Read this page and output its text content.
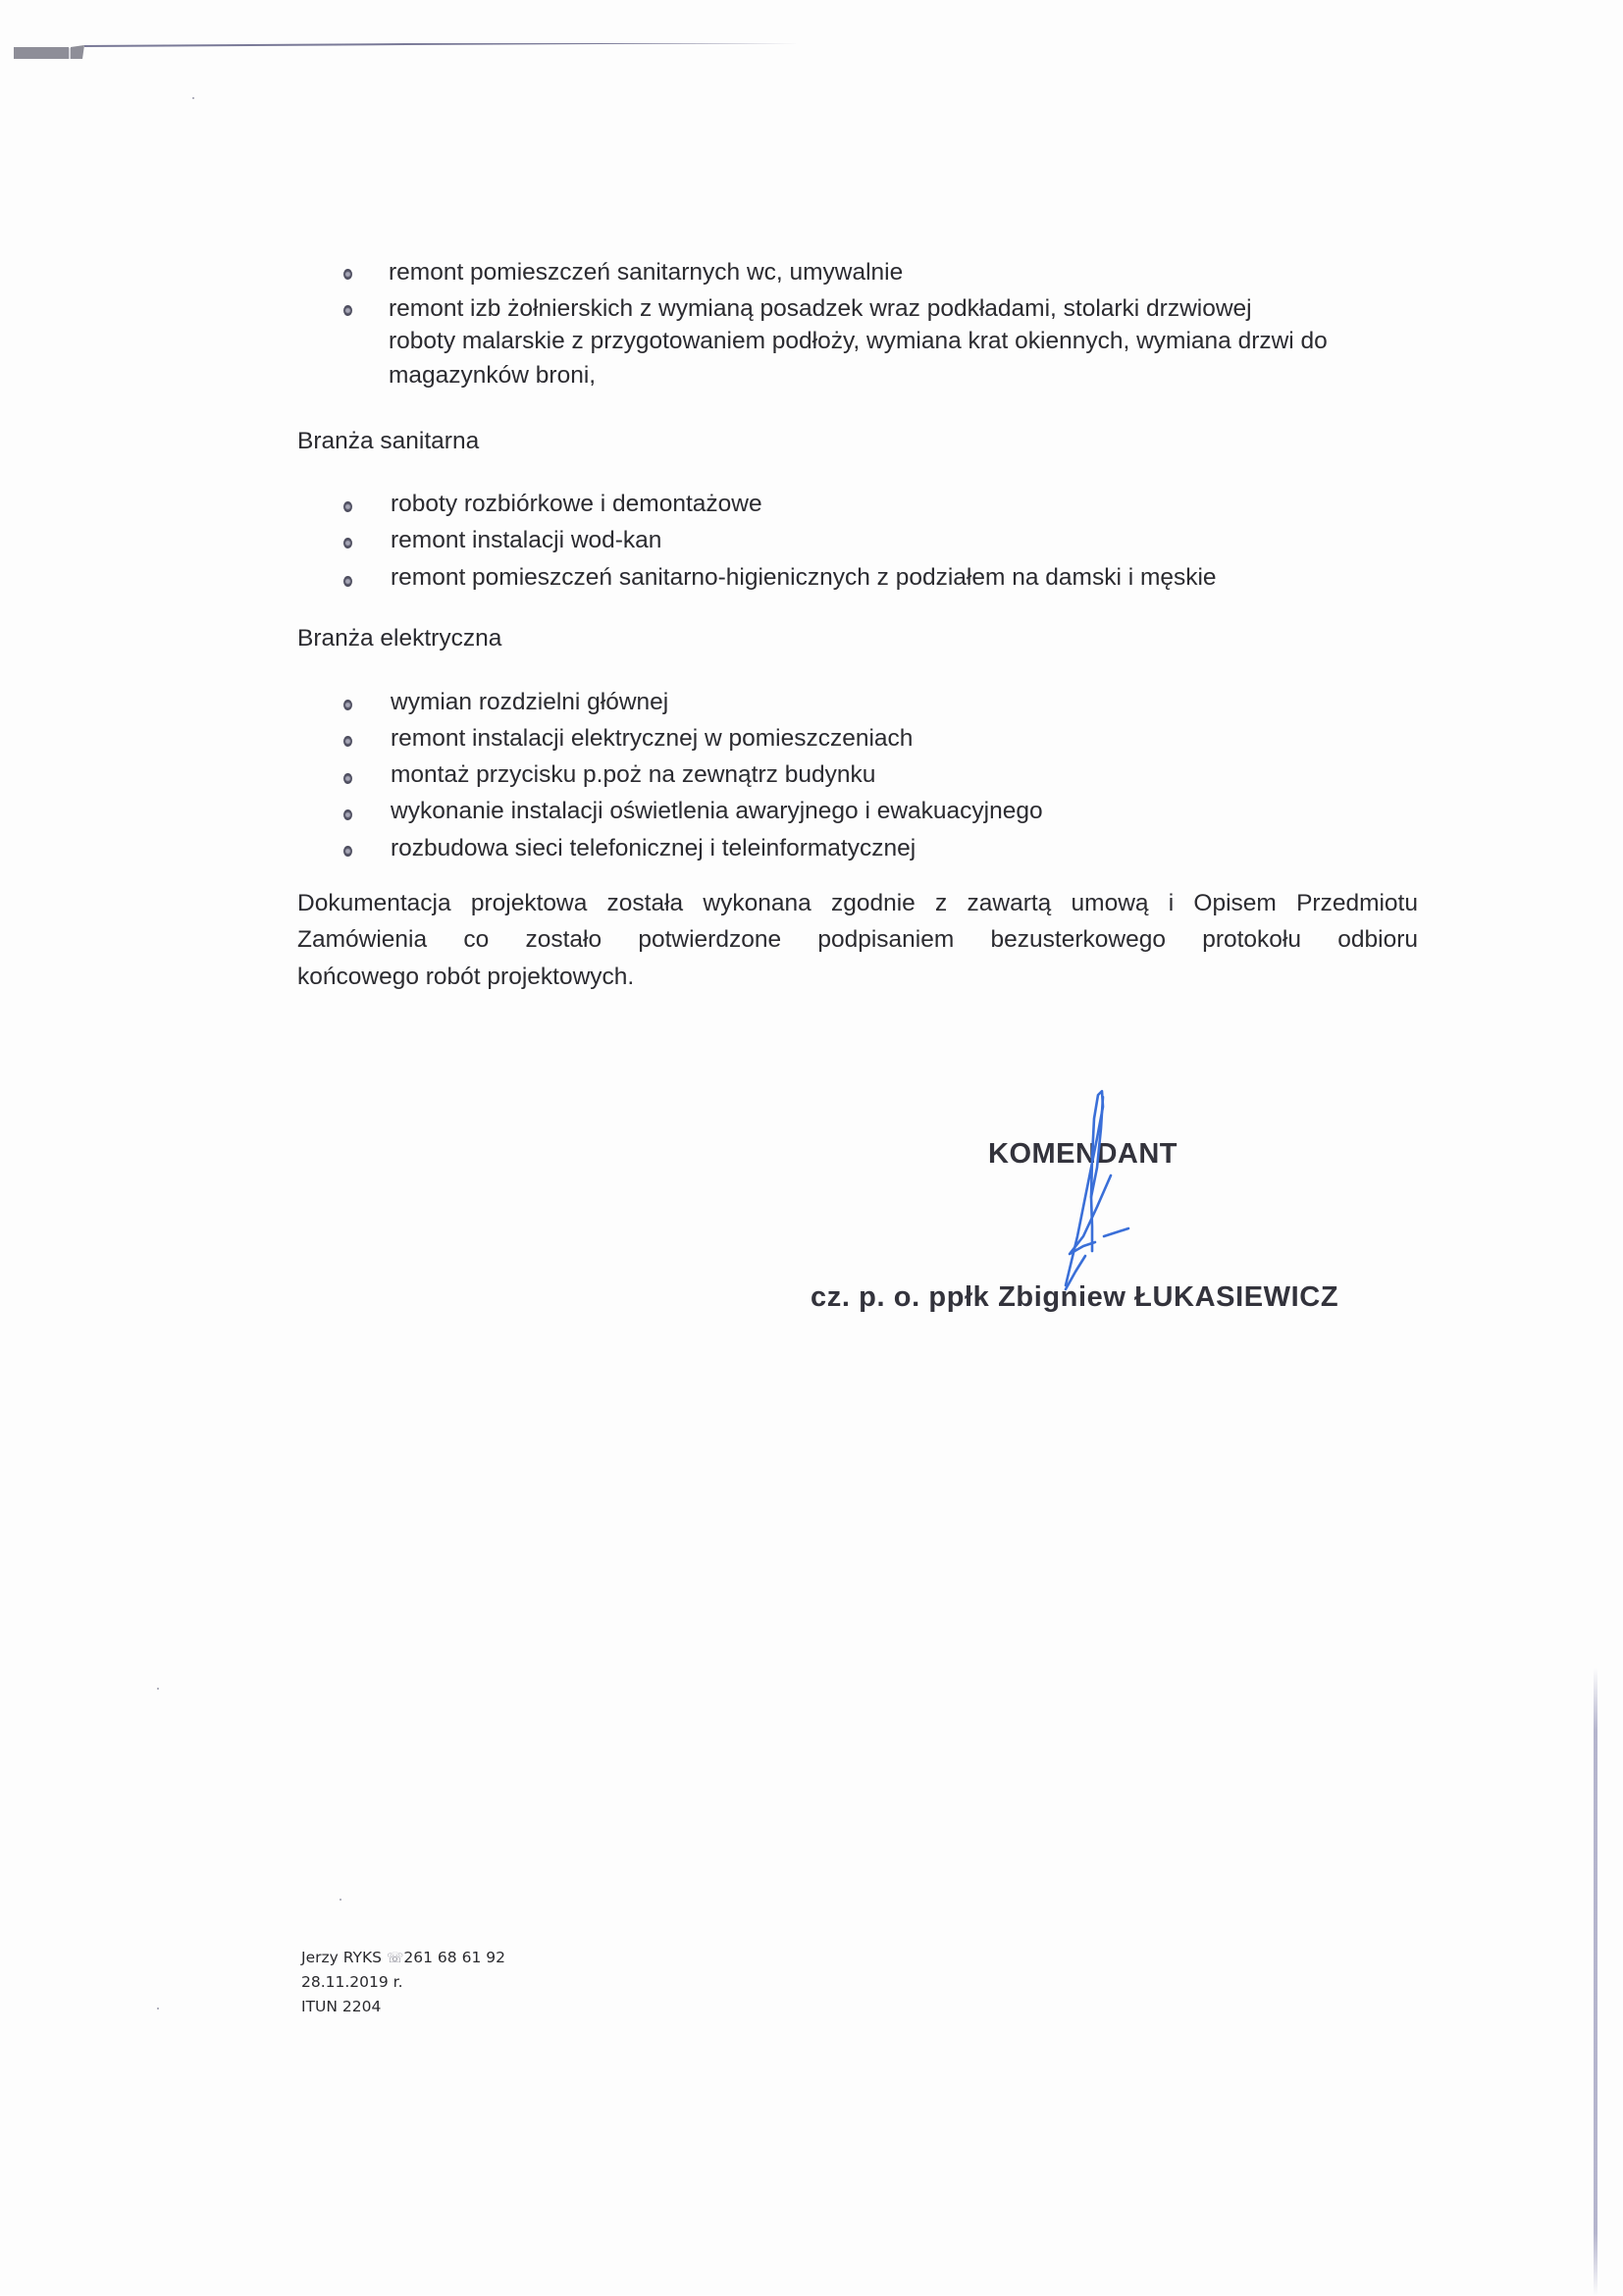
remont pomieszczeń sanitarnych wc, umywalnie
remont izb żołnierskich z wymianą posadzek wraz podkładami, stolarki drzwiowej
roboty malarskie z przygotowaniem podłoży, wymiana krat okiennych, wymiana drzwi do
magazynków broni,
Branża sanitarna
roboty rozbiórkowe i demontażowe
remont instalacji wod-kan
remont pomieszczeń sanitarno-higienicznych z podziałem na damski i męskie
Branża elektryczna
wymian rozdzielni głównej
remont instalacji elektrycznej w pomieszczeniach
montaż przycisku p.poż na zewnątrz budynku
wykonanie instalacji oświetlenia awaryjnego i ewakuacyjnego
rozbudowa sieci telefonicznej i teleinformatycznej
Dokumentacja projektowa została wykonana zgodnie z zawartą umową i Opisem Przedmiotu
Zamówienia co zostało potwierdzone podpisaniem bezusterkowego protokołu odbioru
końcowego robót projektowych.
KOMENDANT
cz. p. o. ppłk Zbigniew ŁUKASIEWICZ
Jerzy RYKS ☏261 68 61 92
28.11.2019 r.
ITUN 2204
